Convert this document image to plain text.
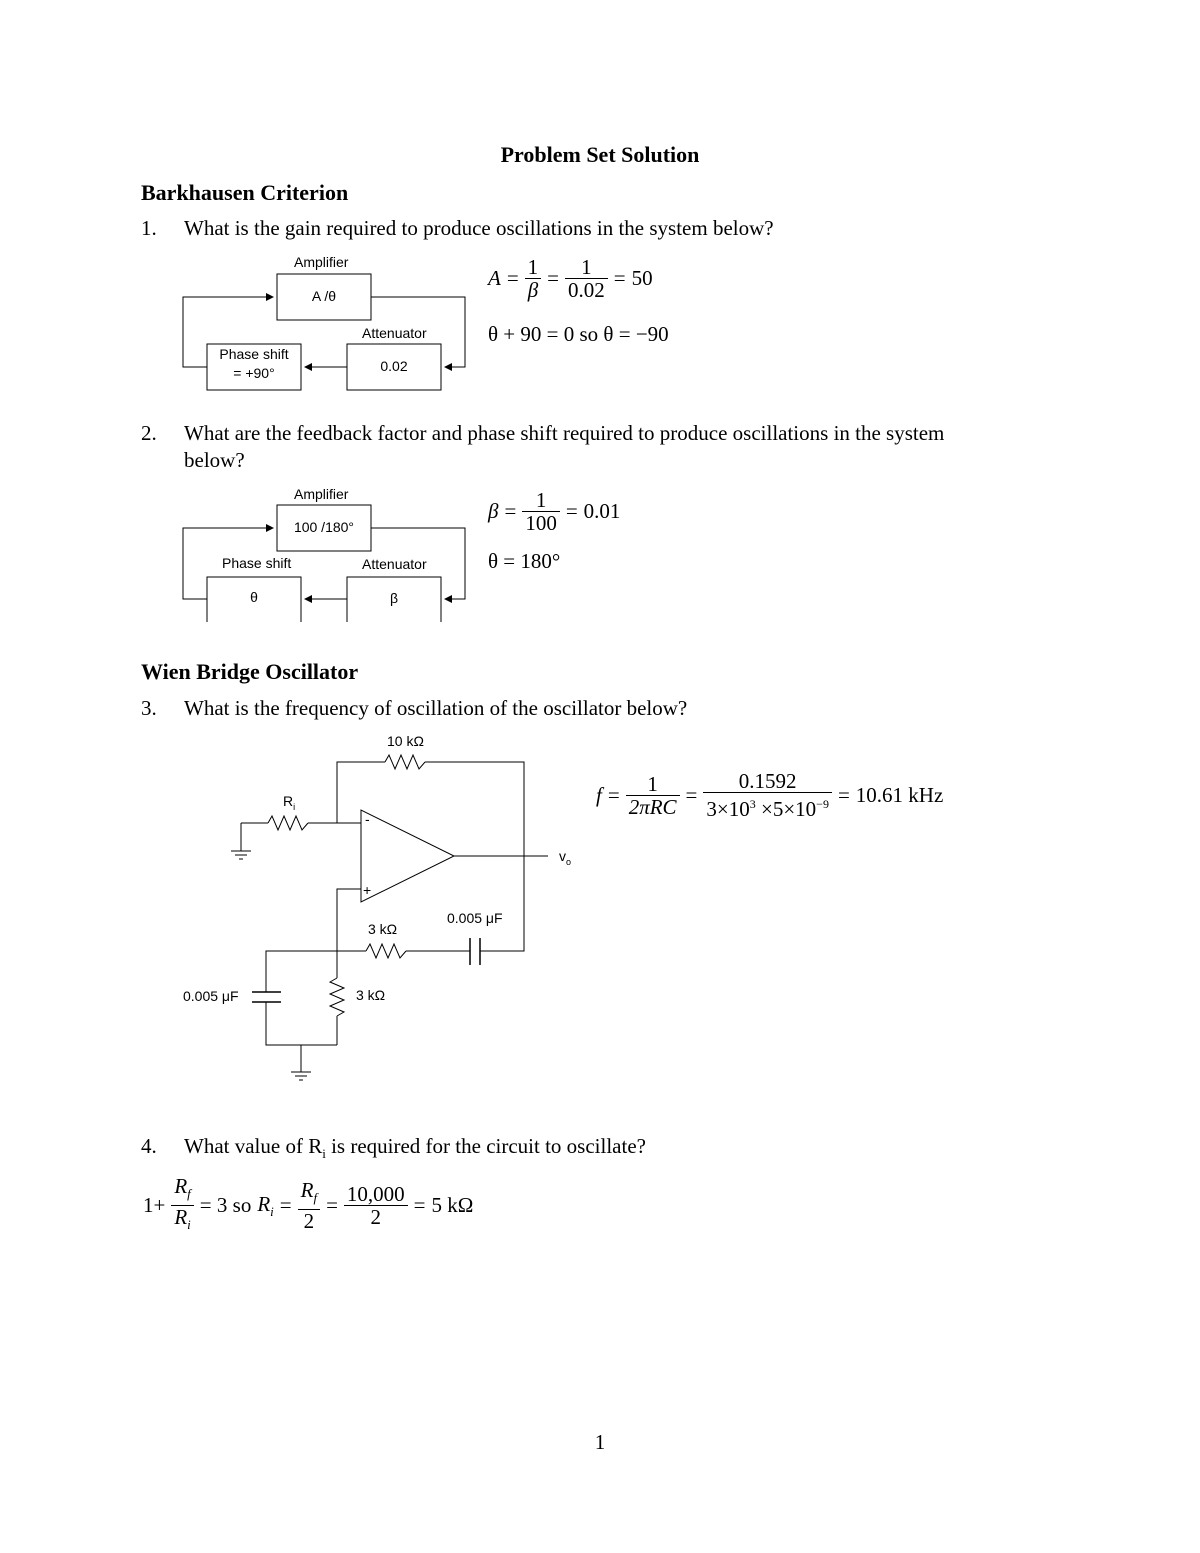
Problem Set Solution
Barkhausen Criterion
1. What is the gain required to produce oscillations in the system below?
Amplifier
A /θ
Attenuator
0.02
Phase shift
= +90°
$A = \frac{1}{\beta} = \frac{1}{0.02} = 50$
θ + 90 = 0 so θ = −90
2. What are the feedback factor and phase shift required to produce oscillations in the system
below?
Amplifier
100 /180°
Phase shift
θ
Attenuator
β
$\beta = \frac{1}{100} = 0.01$
θ = 180°
Wien Bridge Oscillator
3. What is the frequency of oscillation of the oscillator below?
10 kΩ
$R_i$
-
+
$v_o$
3 kΩ
0.005 μF
0.005 μF	3 kΩ
$f = \frac{1}{\text{2πRC}} = \frac{0.1592}{3\times 10^3 \times 5\times 10^{-9}} = 10.61$ kHz
4. What value of $R_i$ is required for the circuit to oscillate?
$1+ \frac{R_f}{R_i} = 3$ so $R_i = \frac{R_f}{2} = \frac{10,000}{2} = 5$ kΩ
1
